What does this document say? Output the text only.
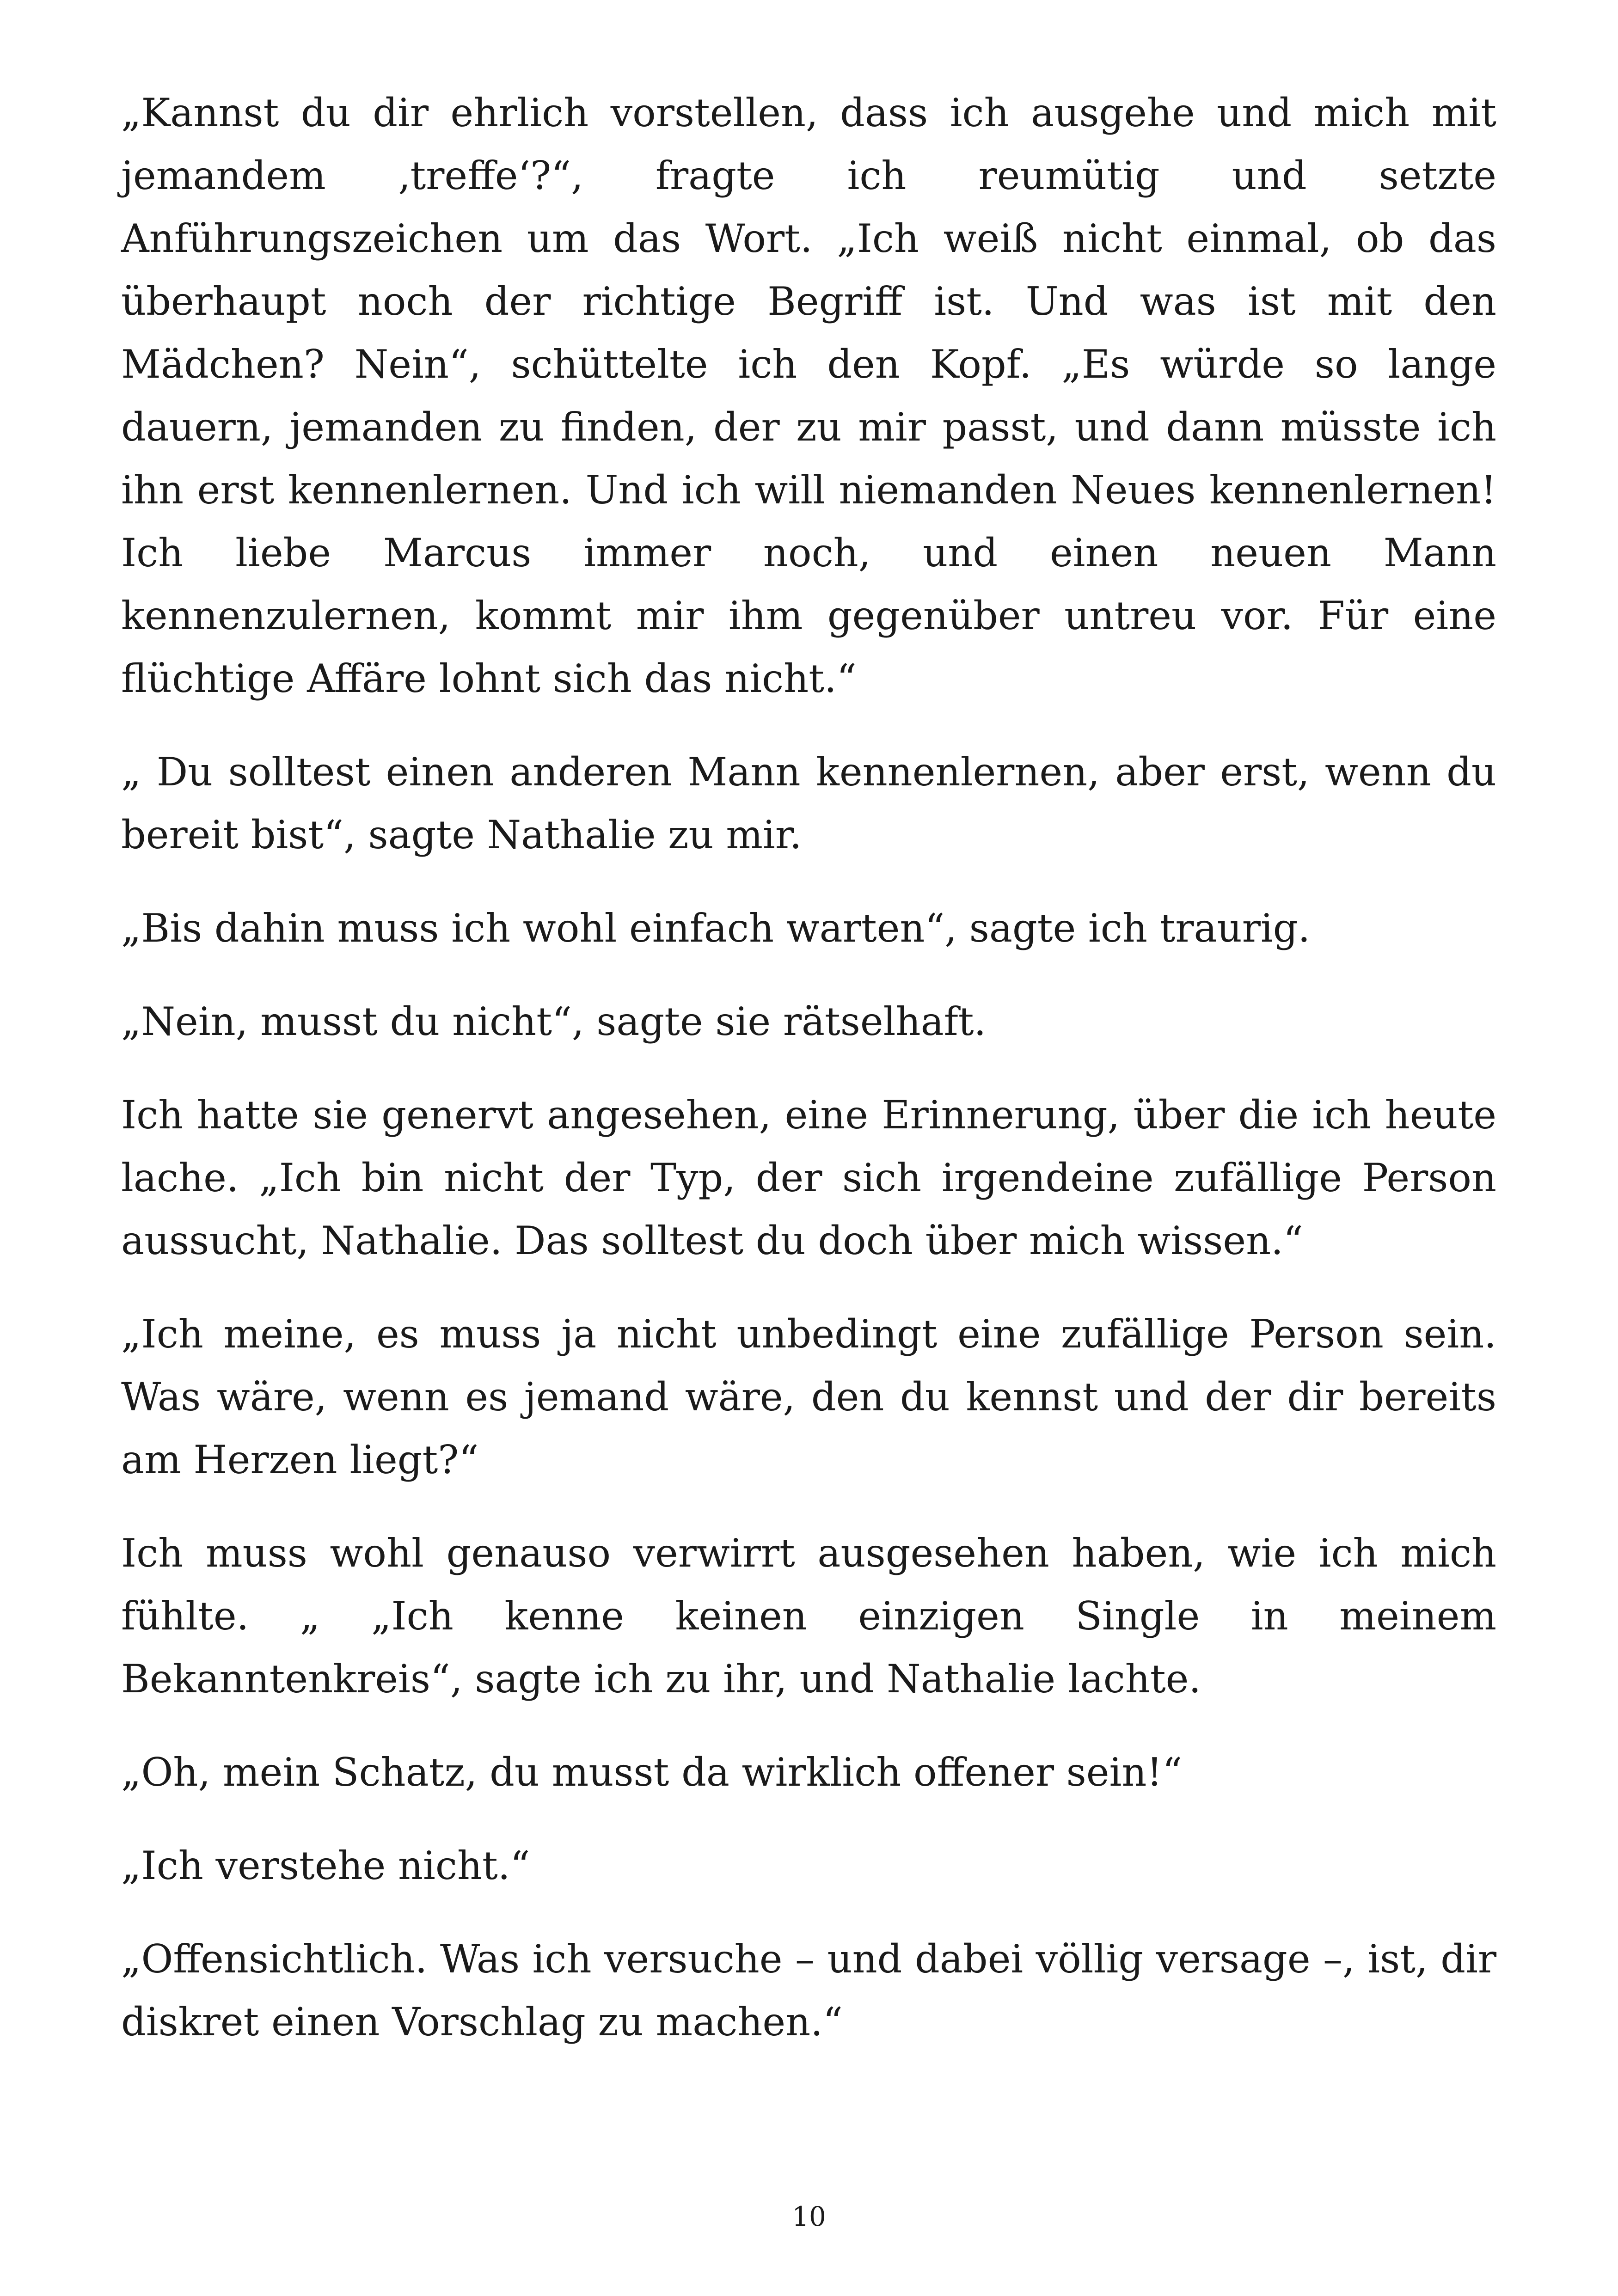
„Kannst du dir ehrlich vorstellen, dass ich ausgehe und mich mit jemandem ‚treffe‘?“, fragte ich reumütig und setzte Anführungszeichen um das Wort. „Ich weiß nicht einmal, ob das überhaupt noch der richtige Begriff ist. Und was ist mit den Mädchen? Nein“, schüttelte ich den Kopf. „Es würde so lange dauern, jemanden zu finden, der zu mir passt, und dann müsste ich ihn erst kennenlernen. Und ich will niemanden Neues kennenlernen! Ich liebe Marcus immer noch, und einen neuen Mann kennenzulernen, kommt mir ihm gegenüber untreu vor. Für eine flüchtige Affäre lohnt sich das nicht.“

„ Du solltest einen anderen Mann kennenlernen, aber erst, wenn du bereit bist“, sagte Nathalie zu mir.

„Bis dahin muss ich wohl einfach warten“, sagte ich traurig.

„Nein, musst du nicht“, sagte sie rätselhaft.

Ich hatte sie genervt angesehen, eine Erinnerung, über die ich heute lache. „Ich bin nicht der Typ, der sich irgendeine zufällige Person aussucht, Nathalie. Das solltest du doch über mich wissen.“

„Ich meine, es muss ja nicht unbedingt eine zufällige Person sein. Was wäre, wenn es jemand wäre, den du kennst und der dir bereits am Herzen liegt?“

Ich muss wohl genauso verwirrt ausgesehen haben, wie ich mich fühlte. „ „Ich kenne keinen einzigen Single in meinem Bekanntenkreis“, sagte ich zu ihr, und Nathalie lachte.

„Oh, mein Schatz, du musst da wirklich offener sein!“

„Ich verstehe nicht.“

„Offensichtlich. Was ich versuche – und dabei völlig versage –, ist, dir diskret einen Vorschlag zu machen.“

10
